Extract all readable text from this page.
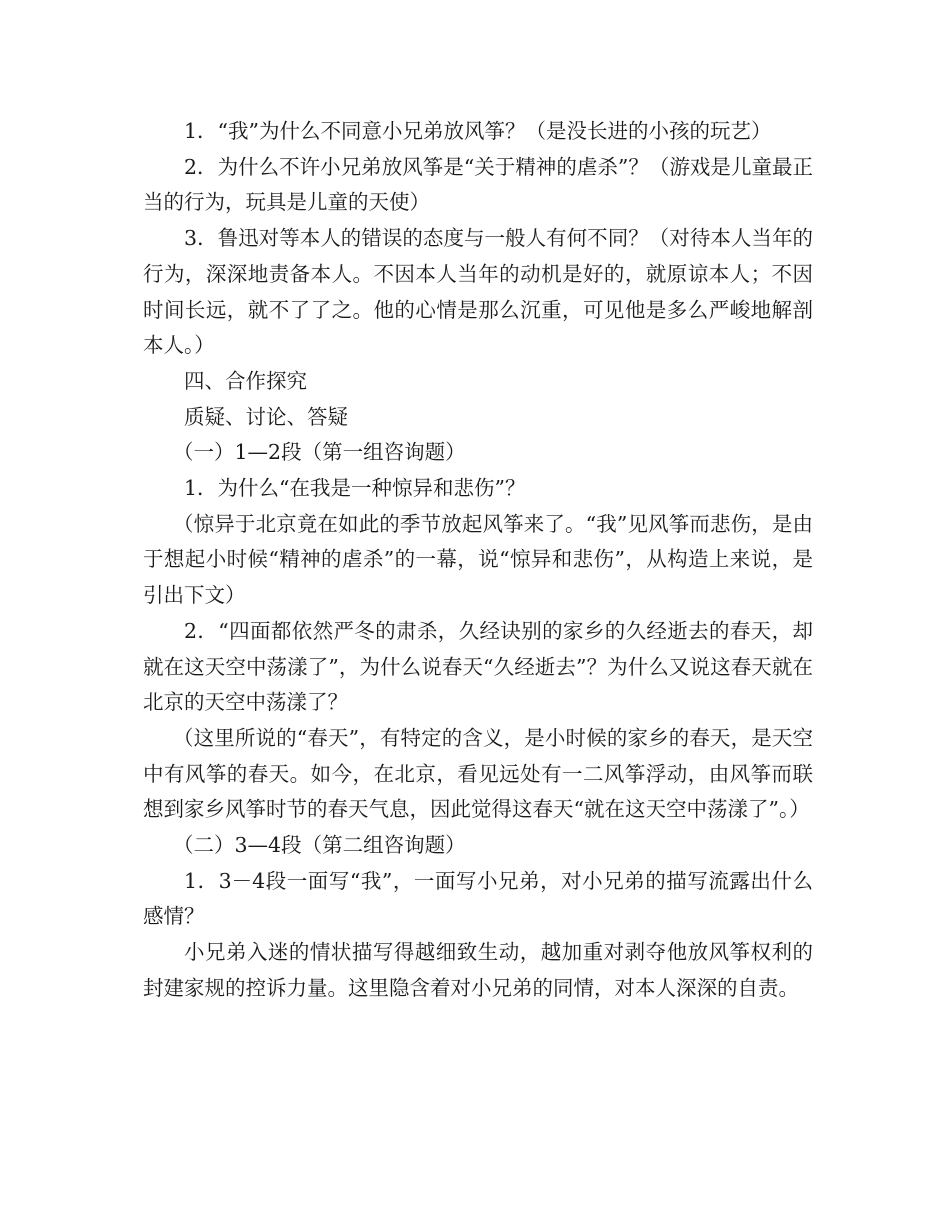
1．“我”为什么不同意小兄弟放风筝？（是没长进的小孩的玩艺）

2．为什么不许小兄弟放风筝是“关于精神的虐杀”？（游戏是儿童最正当的行为，玩具是儿童的天使）

3．鲁迅对等本人的错误的态度与一般人有何不同？（对待本人当年的行为，深深地责备本人。不因本人当年的动机是好的，就原谅本人；不因时间长远，就不了了之。他的心情是那么沉重，可见他是多么严峻地解剖本人。）

四、合作探究

质疑、讨论、答疑

（一）1—2段（第一组咨询题）

1．为什么“在我是一种惊异和悲伤”？

（惊异于北京竟在如此的季节放起风筝来了。“我”见风筝而悲伤，是由于想起小时候“精神的虐杀”的一幕，说“惊异和悲伤”，从构造上来说，是引出下文）

2．“四面都依然严冬的肃杀，久经诀别的家乡的久经逝去的春天，却就在这天空中荡漾了”，为什么说春天“久经逝去”？为什么又说这春天就在北京的天空中荡漾了？

（这里所说的“春天”，有特定的含义，是小时候的家乡的春天，是天空中有风筝的春天。如今，在北京，看见远处有一二风筝浮动，由风筝而联想到家乡风筝时节的春天气息，因此觉得这春天“就在这天空中荡漾了”。）

（二）3—4段（第二组咨询题）

1．3－4段一面写“我”，一面写小兄弟，对小兄弟的描写流露出什么感情？

小兄弟入迷的情状描写得越细致生动，越加重对剥夺他放风筝权利的封建家规的控诉力量。这里隐含着对小兄弟的同情，对本人深深的自责。
